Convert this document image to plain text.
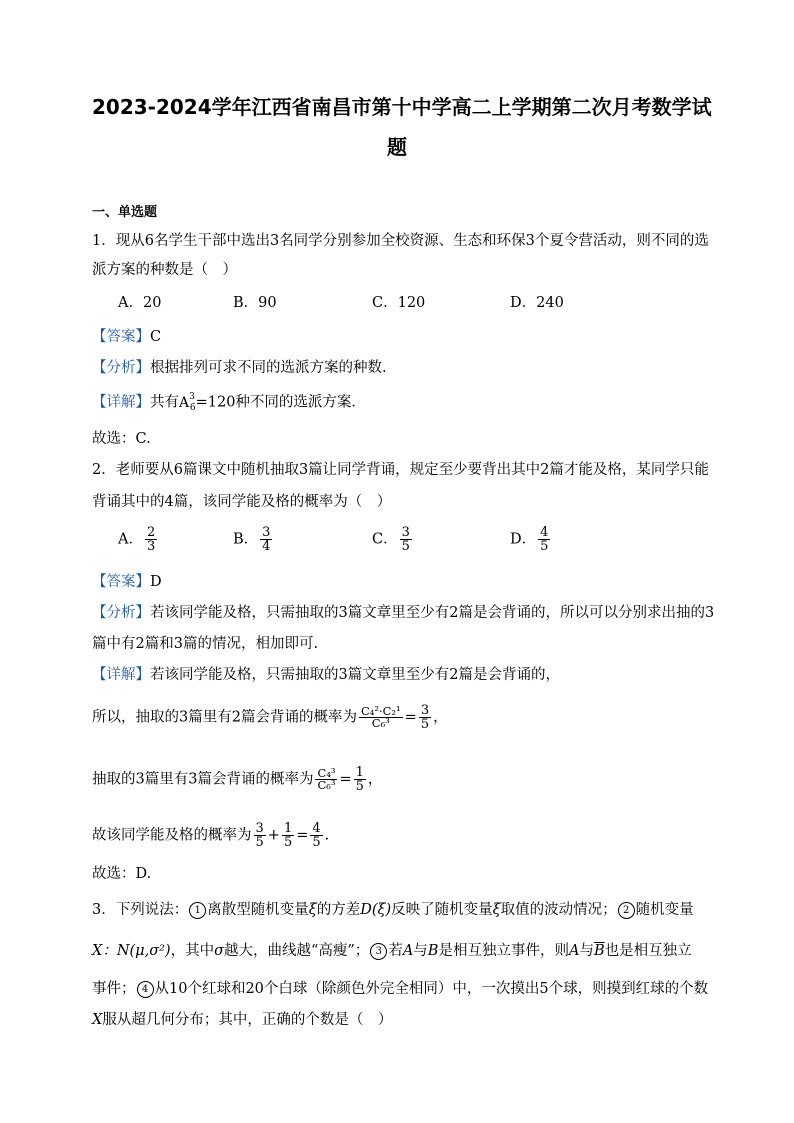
2023-2024学年江西省南昌市第十中学高二上学期第二次月考数学试
题
一、单选题
1．现从6名学生干部中选出3名同学分别参加全校资源、生态和环保3个夏令营活动，则不同的选
派方案的种数是（　）
A．20	B．90	C．120	D．240
【答案】C
【分析】根据排列可求不同的选派方案的种数.
【详解】共有$A^3_6=120$种不同的选派方案．
故选：C.
2．老师要从6篇课文中随机抽取3篇让同学背诵，规定至少要背出其中2篇才能及格，某同学只能
背诵其中的4篇，该同学能及格的概率为（　）
A． $\frac{2}{3}$	B． $\frac{3}{4}$	C． $\frac{3}{5}$	D． $\frac{4}{5}$
【答案】D
【分析】若该同学能及格，只需抽取的3篇文章里至少有2篇是会背诵的，所以可以分别求出抽的3
篇中有2篇和3篇的情况，相加即可.
【详解】若该同学能及格，只需抽取的3篇文章里至少有2篇是会背诵的，
所以，抽取的3篇里有2篇会背诵的概率为 $\frac{\text{C₄²·C₂¹}}{\text{C₆³}} = \frac{3}{5}$ ，
抽取的3篇里有3篇会背诵的概率为 $\frac{\text{C₄³}}{\text{C₆³}} = \frac{1}{5}$ ，
故该同学能及格的概率为 $\frac{3}{5} + \frac{1}{5} = \frac{4}{5}$ .
故选：D.
3．下列说法： 1 离散型随机变量ξ的方差D(ξ)反映了随机变量ξ取值的波动情况； 2 随机变量
X：N(μ,σ²)，其中σ越大，曲线越“高瘦”； 3 若A与B是相互独立事件，则A与$\overline{B}$也是相互独立
事件； 4 从10个红球和20个白球（除颜色外完全相同）中，一次摸出5个球，则摸到红球的个数
X服从超几何分布；其中，正确的个数是（　）
